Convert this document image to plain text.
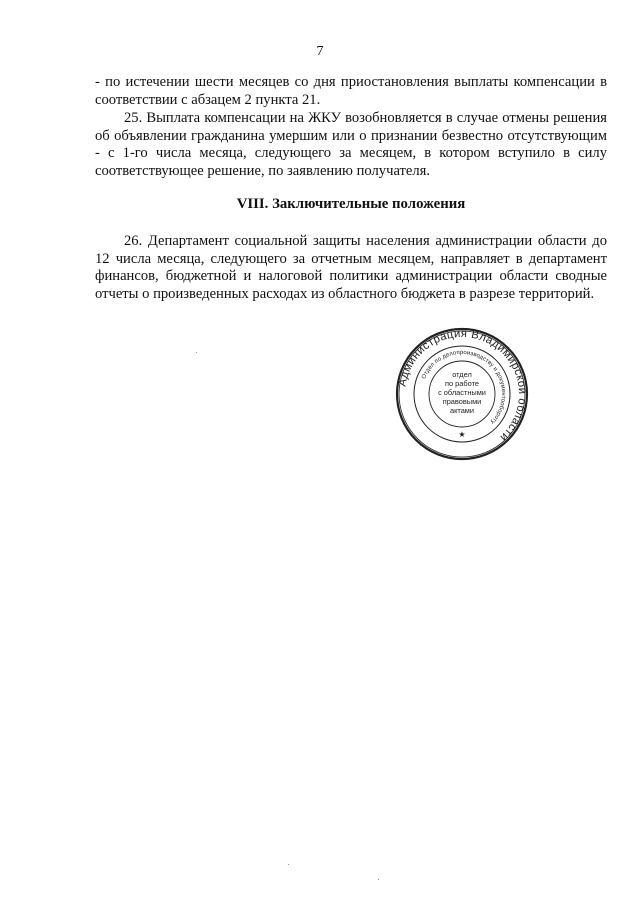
7

- по истечении шести месяцев со дня приостановления выплаты компенсации в соответствии с абзацем 2 пункта 21.

25. Выплата компенсации на ЖКУ возобновляется в случае отмены решения об объявлении гражданина умершим или о признании безвестно отсутствующим - с 1-го числа месяца, следующего за месяцем, в котором вступило в силу соответствующее решение, по заявлению получателя.

VIII. Заключительные положения

26. Департамент социальной защиты населения администрации области до 12 числа месяца, следующего за отчетным месяцем, направляет в департамент финансов, бюджетной и налоговой политики администрации области сводные отчеты о произведенных расходах из областного бюджета в разрезе территорий.

Администрация Владимирской области
Отдел по делопроизводству и документообороту
отдел
по работе
с областными
правовыми
актами
★
